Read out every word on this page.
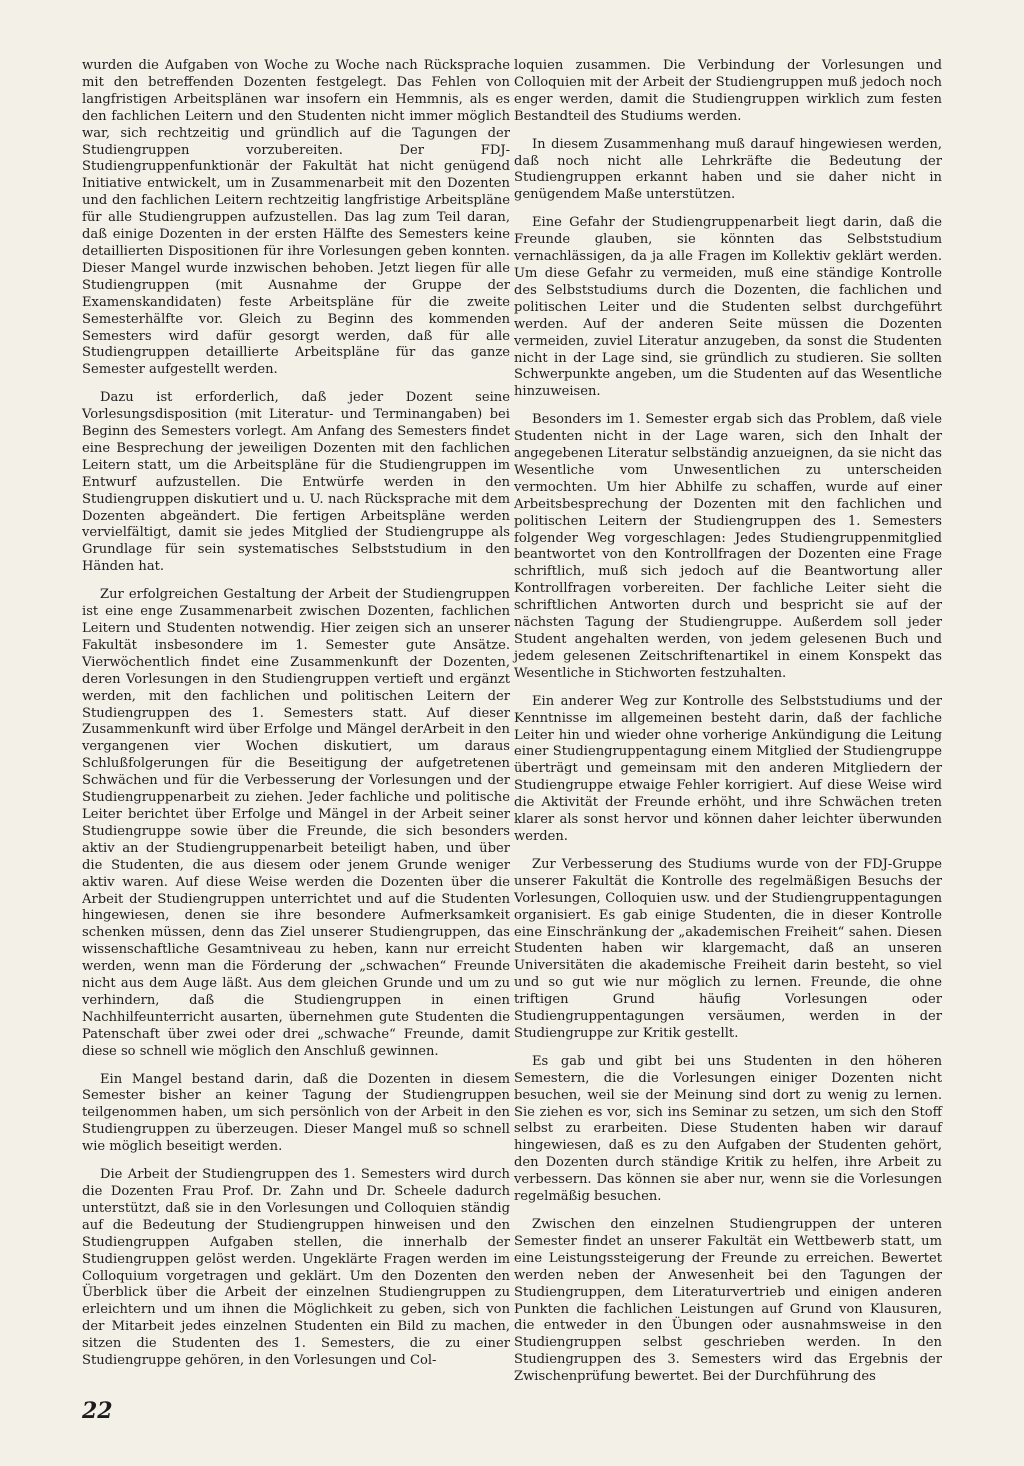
wurden die Aufgaben von Woche zu Woche nach Rücksprache mit den betreffenden Dozenten festgelegt. Das Fehlen von langfristigen Arbeitsplänen war insofern ein Hemmnis, als es den fachlichen Leitern und den Studenten nicht immer möglich war, sich rechtzeitig und gründlich auf die Tagungen der Studiengruppen vorzubereiten. Der FDJ-Studiengruppenfunktionär der Fakultät hat nicht genügend Initiative entwickelt, um in Zusammenarbeit mit den Dozenten und den fachlichen Leitern rechtzeitig langfristige Arbeitspläne für alle Studiengruppen aufzustellen. Das lag zum Teil daran, daß einige Dozenten in der ersten Hälfte des Semesters keine detaillierten Dispositionen für ihre Vorlesungen geben konnten. Dieser Mangel wurde inzwischen behoben. Jetzt liegen für alle Studiengruppen (mit Ausnahme der Gruppe der Examenskandidaten) feste Arbeitspläne für die zweite Semesterhälfte vor. Gleich zu Beginn des kommenden Semesters wird dafür gesorgt werden, daß für alle Studiengruppen detaillierte Arbeitspläne für das ganze Semester aufgestellt werden.

Dazu ist erforderlich, daß jeder Dozent seine Vorlesungsdisposition (mit Literatur- und Terminangaben) bei Beginn des Semesters vorlegt. Am Anfang des Semesters findet eine Besprechung der jeweiligen Dozenten mit den fachlichen Leitern statt, um die Arbeitspläne für die Studiengruppen im Entwurf aufzustellen. Die Entwürfe werden in den Studiengruppen diskutiert und u. U. nach Rücksprache mit dem Dozenten abgeändert. Die fertigen Arbeitspläne werden vervielfältigt, damit sie jedes Mitglied der Studiengruppe als Grundlage für sein systematisches Selbststudium in den Händen hat.

Zur erfolgreichen Gestaltung der Arbeit der Studiengruppen ist eine enge Zusammenarbeit zwischen Dozenten, fachlichen Leitern und Studenten notwendig. Hier zeigen sich an unserer Fakultät insbesondere im 1. Semester gute Ansätze. Vierwöchentlich findet eine Zusammenkunft der Dozenten, deren Vorlesungen in den Studiengruppen vertieft und ergänzt werden, mit den fachlichen und politischen Leitern der Studiengruppen des 1. Semesters statt. Auf dieser Zusammenkunft wird über Erfolge und Mängel derArbeit in den vergangenen vier Wochen diskutiert, um daraus Schlußfolgerungen für die Beseitigung der aufgetretenen Schwächen und für die Verbesserung der Vorlesungen und der Studiengruppenarbeit zu ziehen. Jeder fachliche und politische Leiter berichtet über Erfolge und Mängel in der Arbeit seiner Studiengruppe sowie über die Freunde, die sich besonders aktiv an der Studiengruppenarbeit beteiligt haben, und über die Studenten, die aus diesem oder jenem Grunde weniger aktiv waren. Auf diese Weise werden die Dozenten über die Arbeit der Studiengruppen unterrichtet und auf die Studenten hingewiesen, denen sie ihre besondere Aufmerksamkeit schenken müssen, denn das Ziel unserer Studiengruppen, das wissenschaftliche Gesamtniveau zu heben, kann nur erreicht werden, wenn man die Förderung der „schwachen“ Freunde nicht aus dem Auge läßt. Aus dem gleichen Grunde und um zu verhindern, daß die Studiengruppen in einen Nachhilfeunterricht ausarten, übernehmen gute Studenten die Patenschaft über zwei oder drei „schwache“ Freunde, damit diese so schnell wie möglich den Anschluß gewinnen.

Ein Mangel bestand darin, daß die Dozenten in diesem Semester bisher an keiner Tagung der Studiengruppen teilgenommen haben, um sich persönlich von der Arbeit in den Studiengruppen zu überzeugen. Dieser Mangel muß so schnell wie möglich beseitigt werden.

Die Arbeit der Studiengruppen des 1. Semesters wird durch die Dozenten Frau Prof. Dr. Zahn und Dr. Scheele dadurch unterstützt, daß sie in den Vorlesungen und Colloquien ständig auf die Bedeutung der Studiengruppen hinweisen und den Studiengruppen Aufgaben stellen, die innerhalb der Studiengruppen gelöst werden. Ungeklärte Fragen werden im Colloquium vorgetragen und geklärt. Um den Dozenten den Überblick über die Arbeit der einzelnen Studiengruppen zu erleichtern und um ihnen die Möglichkeit zu geben, sich von der Mitarbeit jedes einzelnen Studenten ein Bild zu machen, sitzen die Studenten des 1. Semesters, die zu einer Studiengruppe gehören, in den Vorlesungen und Col-

loquien zusammen. Die Verbindung der Vorlesungen und Colloquien mit der Arbeit der Studiengruppen muß jedoch noch enger werden, damit die Studiengruppen wirklich zum festen Bestandteil des Studiums werden.

In diesem Zusammenhang muß darauf hingewiesen werden, daß noch nicht alle Lehrkräfte die Bedeutung der Studiengruppen erkannt haben und sie daher nicht in genügendem Maße unterstützen.

Eine Gefahr der Studiengruppenarbeit liegt darin, daß die Freunde glauben, sie könnten das Selbststudium vernachlässigen, da ja alle Fragen im Kollektiv geklärt werden. Um diese Gefahr zu vermeiden, muß eine ständige Kontrolle des Selbststudiums durch die Dozenten, die fachlichen und politischen Leiter und die Studenten selbst durchgeführt werden. Auf der anderen Seite müssen die Dozenten vermeiden, zuviel Literatur anzugeben, da sonst die Studenten nicht in der Lage sind, sie gründlich zu studieren. Sie sollten Schwerpunkte angeben, um die Studenten auf das Wesentliche hinzuweisen.

Besonders im 1. Semester ergab sich das Problem, daß viele Studenten nicht in der Lage waren, sich den Inhalt der angegebenen Literatur selbständig anzueignen, da sie nicht das Wesentliche vom Unwesentlichen zu unterscheiden vermochten. Um hier Abhilfe zu schaffen, wurde auf einer Arbeitsbesprechung der Dozenten mit den fachlichen und politischen Leitern der Studiengruppen des 1. Semesters folgender Weg vorgeschlagen: Jedes Studiengruppenmitglied beantwortet von den Kontrollfragen der Dozenten eine Frage schriftlich, muß sich jedoch auf die Beantwortung aller Kontrollfragen vorbereiten. Der fachliche Leiter sieht die schriftlichen Antworten durch und bespricht sie auf der nächsten Tagung der Studiengruppe. Außerdem soll jeder Student angehalten werden, von jedem gelesenen Buch und jedem gelesenen Zeitschriftenartikel in einem Konspekt das Wesentliche in Stichworten festzuhalten.

Ein anderer Weg zur Kontrolle des Selbststudiums und der Kenntnisse im allgemeinen besteht darin, daß der fachliche Leiter hin und wieder ohne vorherige Ankündigung die Leitung einer Studiengruppentagung einem Mitglied der Studiengruppe überträgt und gemeinsam mit den anderen Mitgliedern der Studiengruppe etwaige Fehler korrigiert. Auf diese Weise wird die Aktivität der Freunde erhöht, und ihre Schwächen treten klarer als sonst hervor und können daher leichter überwunden werden.

Zur Verbesserung des Studiums wurde von der FDJ-Gruppe unserer Fakultät die Kontrolle des regelmäßigen Besuchs der Vorlesungen, Colloquien usw. und der Studiengruppentagungen organisiert. Es gab einige Studenten, die in dieser Kontrolle eine Einschränkung der „akademischen Freiheit“ sahen. Diesen Studenten haben wir klargemacht, daß an unseren Universitäten die akademische Freiheit darin besteht, so viel und so gut wie nur möglich zu lernen. Freunde, die ohne triftigen Grund häufig Vorlesungen oder Studiengruppentagungen versäumen, werden in der Studiengruppe zur Kritik gestellt.

Es gab und gibt bei uns Studenten in den höheren Semestern, die die Vorlesungen einiger Dozenten nicht besuchen, weil sie der Meinung sind dort zu wenig zu lernen. Sie ziehen es vor, sich ins Seminar zu setzen, um sich den Stoff selbst zu erarbeiten. Diese Studenten haben wir darauf hingewiesen, daß es zu den Aufgaben der Studenten gehört, den Dozenten durch ständige Kritik zu helfen, ihre Arbeit zu verbessern. Das können sie aber nur, wenn sie die Vorlesungen regelmäßig besuchen.

Zwischen den einzelnen Studiengruppen der unteren Semester findet an unserer Fakultät ein Wettbewerb statt, um eine Leistungssteigerung der Freunde zu erreichen. Bewertet werden neben der Anwesenheit bei den Tagungen der Studiengruppen, dem Literaturvertrieb und einigen anderen Punkten die fachlichen Leistungen auf Grund von Klausuren, die entweder in den Übungen oder ausnahmsweise in den Studiengruppen selbst geschrieben werden. In den Studiengruppen des 3. Semesters wird das Ergebnis der Zwischenprüfung bewertet. Bei der Durchführung des

22
